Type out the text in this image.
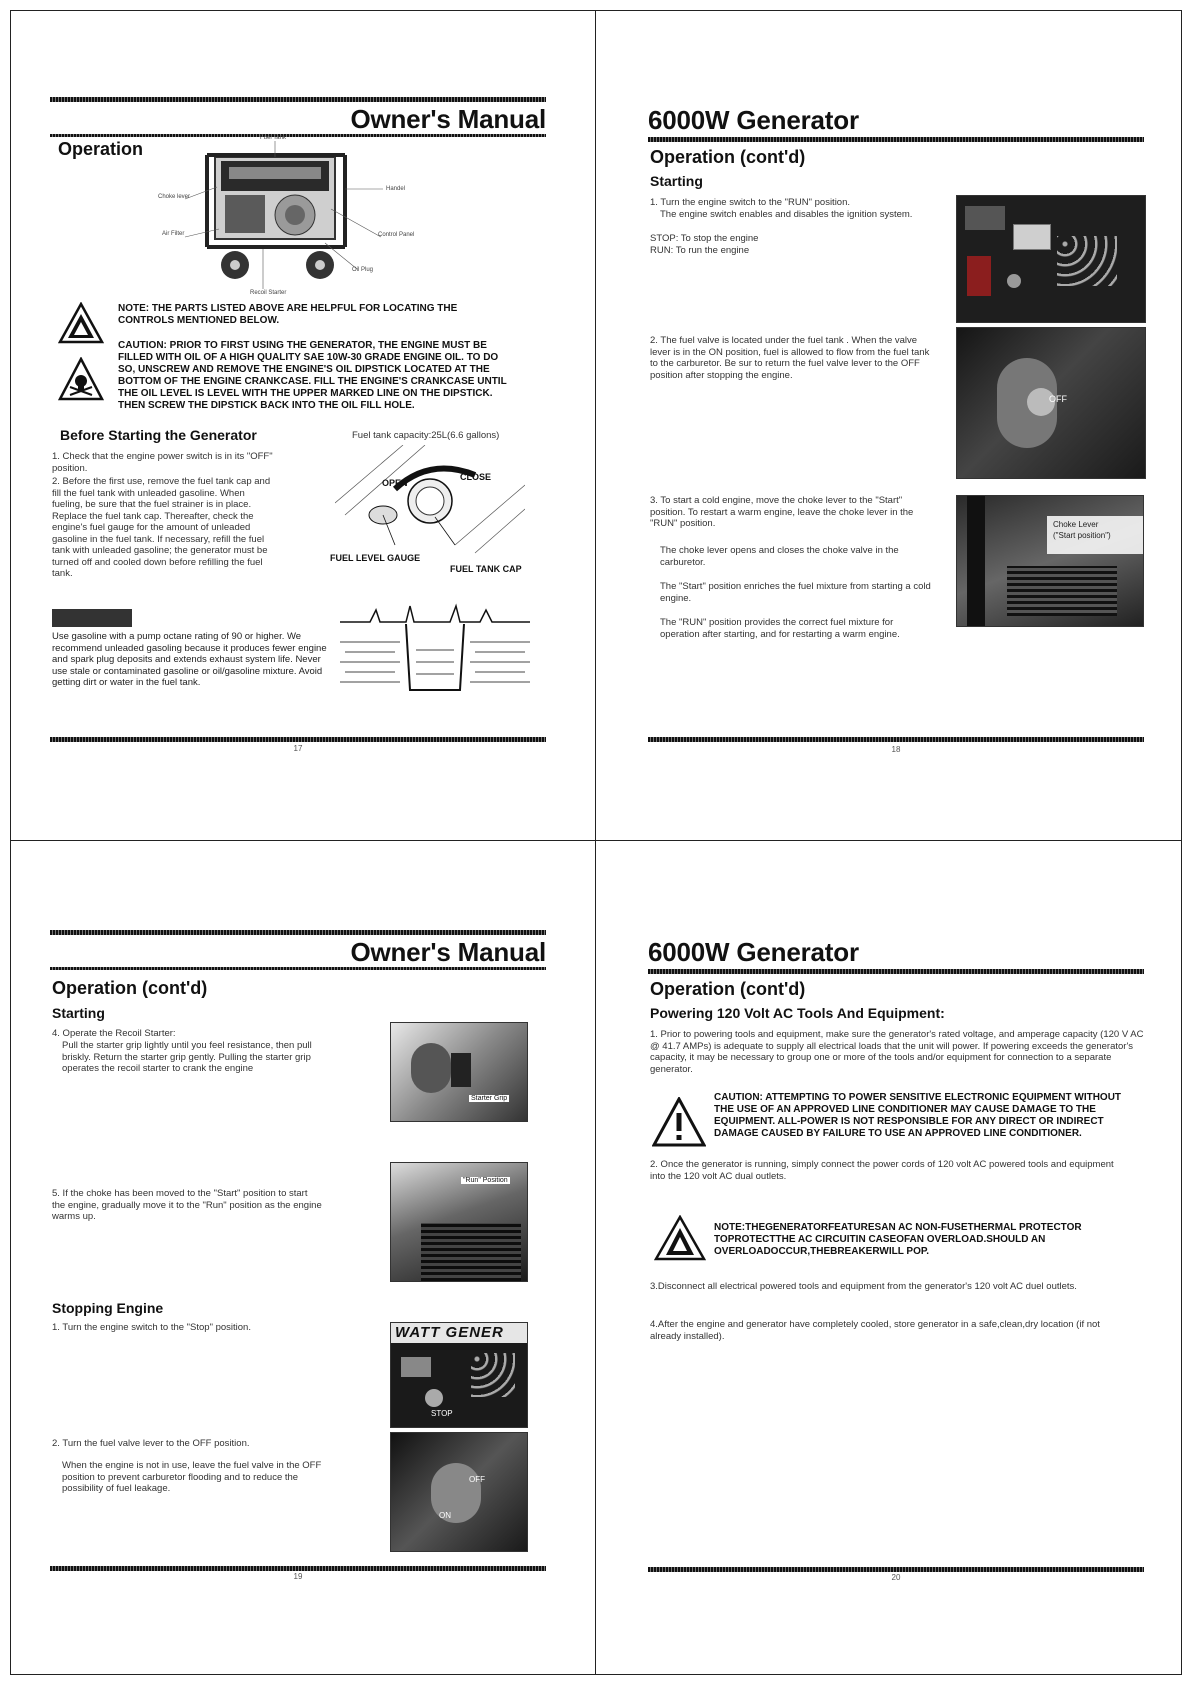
Owner's Manual
Operation
Fuel Tank
Choke lever
Handel
Air Filter	Control Panel
Oil Plug
Recoil Starter
NOTE: THE PARTS LISTED ABOVE ARE HELPFUL FOR LOCATING THE CONTROLS MENTIONED BELOW.
CAUTION: PRIOR TO FIRST USING THE GENERATOR, THE ENGINE MUST BE FILLED WITH OIL OF A HIGH QUALITY SAE 10W-30 GRADE ENGINE OIL. TO DO SO, UNSCREW AND REMOVE THE ENGINE'S OIL DIPSTICK LOCATED AT THE BOTTOM OF THE ENGINE CRANKCASE. FILL THE ENGINE'S CRANKCASE UNTIL THE OIL LEVEL IS LEVEL WITH THE UPPER MARKED LINE ON THE DIPSTICK. THEN SCREW THE DIPSTICK BACK INTO THE OIL FILL HOLE.
Before Starting the Generator	Fuel tank capacity:25L(6.6 gallons)
1. Check that the engine power switch is in its "OFF" position.
2. Before the first use, remove the fuel tank cap and fill the fuel tank with unleaded gasoline. When fueling, be sure that the fuel strainer is in place. Replace the fuel tank cap. Thereafter, check the engine's fuel gauge for the amount of unleaded gasoline in the fuel tank. If necessary, refill the fuel tank with unleaded gasoline; the generator must be turned off and cooled down before refilling the fuel tank.
OPEN
CLOSE
FUEL LEVEL GAUGE
FUEL TANK CAP
Use gasoline with a pump octane rating of 90 or higher. We recommend unleaded gasoling because it produces fewer engine and spark plug deposits and extends exhaust system life. Never use stale or contaminated gasoline or oil/gasoline mixture. Avoid getting dirt or water in the fuel tank.
17
6000W Generator
Operation (cont'd)
Starting
1. Turn the engine switch to the "RUN" position.
The engine switch enables and disables the ignition system.
STOP: To stop the engine
RUN: To run the engine
2. The fuel valve is located under the fuel tank . When the valve lever is in the ON position, fuel is allowed to flow from the fuel tank to the carburetor. Be sur to return the fuel valve lever to the OFF position after stopping the engine.
OFF
3. To start a cold engine, move the choke lever to the "Start" position. To restart a warm engine, leave the choke lever in the "RUN" position.
The choke lever opens and closes the choke valve in the carburetor.
The "Start" position enriches the fuel mixture from starting a cold engine.
The "RUN" position provides the correct fuel mixture for operation after starting, and for restarting a warm engine.
Choke Lever
("Start position")
18
Owner's Manual
Operation (cont'd)
Starting
4. Operate the Recoil Starter:
Pull the starter grip lightly until you feel resistance, then pull briskly. Return the starter grip gently. Pulling the starter grip operates the recoil starter to crank the engine
Starter Grip
5. If the choke has been moved to the "Start" position to start the engine, gradually move it to the "Run" position as the engine warms up.
"Run" Position
Stopping Engine
1. Turn the engine switch to the "Stop" position.	WATT GENER
STOP
2. Turn the fuel valve lever to the OFF position.
When the engine is not in use, leave the fuel valve in the OFF position to prevent carburetor flooding and to reduce the possibility of fuel leakage.
OFF
ON
19
6000W Generator
Operation (cont'd)
Powering 120 Volt AC Tools And Equipment:
1. Prior to powering tools and equipment, make sure the generator's rated voltage, and amperage capacity (120 V AC @ 41.7 AMPs) is adequate to supply all electrical loads that the unit will power. If powering exceeds the generator's capacity, it may be necessary to group one or more of the tools and/or equipment for connection to a separate generator.
CAUTION: ATTEMPTING TO POWER SENSITIVE ELECTRONIC EQUIPMENT WITHOUT THE USE OF AN APPROVED LINE CONDITIONER MAY CAUSE DAMAGE TO THE EQUIPMENT. ALL-POWER IS NOT RESPONSIBLE FOR ANY DIRECT OR INDIRECT DAMAGE CAUSED BY FAILURE TO USE AN APPROVED LINE CONDITIONER.
2. Once the generator is running, simply connect the power cords of 120 volt AC powered tools and equipment into the 120 volt AC dual outlets.
NOTE:THEGENERATORFEATURESAN AC NON-FUSETHERMAL PROTECTOR TOPROTECTTHE AC CIRCUITIN CASEOFAN OVERLOAD.SHOULD AN OVERLOADOCCUR,THEBREAKERWILL POP.
3.Disconnect all electrical powered tools and equipment from the generator's 120 volt AC duel outlets.
4.After the engine and generator have completely cooled, store generator in a safe,clean,dry location (if not already installed).
20
